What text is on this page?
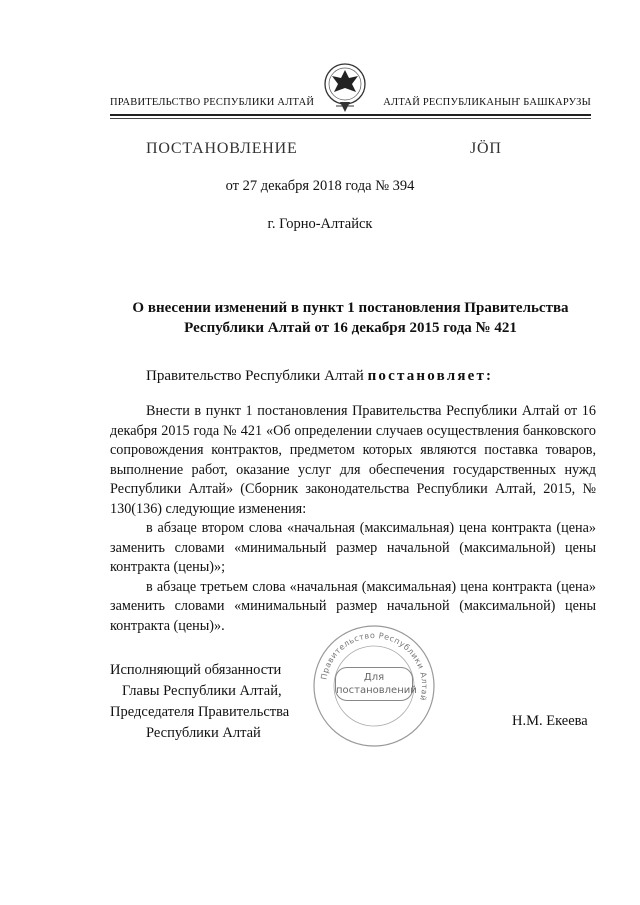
ПРАВИТЕЛЬСТВО РЕСПУБЛИКИ АЛТАЙ	АЛТАЙ РЕСПУБЛИКАНЫҤ БАШКАРУЗЫ
ПОСТАНОВЛЕНИЕ	ЈӦП
от 27 декабря 2018 года № 394
г. Горно-Алтайск
О внесении изменений в пункт 1 постановления Правительства
Республики Алтай от 16 декабря 2015 года № 421
Правительство Республики Алтай постановляет:

Внести в пункт 1 постановления Правительства Республики Алтай от 16 декабря 2015 года № 421 «Об определении случаев осуществления банковского сопровождения контрактов, предметом которых являются поставка товаров, выполнение работ, оказание услуг для обеспечения государственных нужд Республики Алтай» (Сборник законодательства Республики Алтай, 2015, № 130(136) следующие изменения:

в абзаце втором слова «начальная (максимальная) цена контракта (цена» заменить словами «минимальный размер начальной (максимальной) цены контракта (цены)»;

в абзаце третьем слова «начальная (максимальная) цена контракта (цена» заменить словами «минимальный размер начальной (максимальной) цены контракта (цены)».

Правительство Республики Алтай
Для
постановлений
Исполняющий обязанности
Главы Республики Алтай,
Председателя Правительства
Республики Алтай
Н.М. Екеева
